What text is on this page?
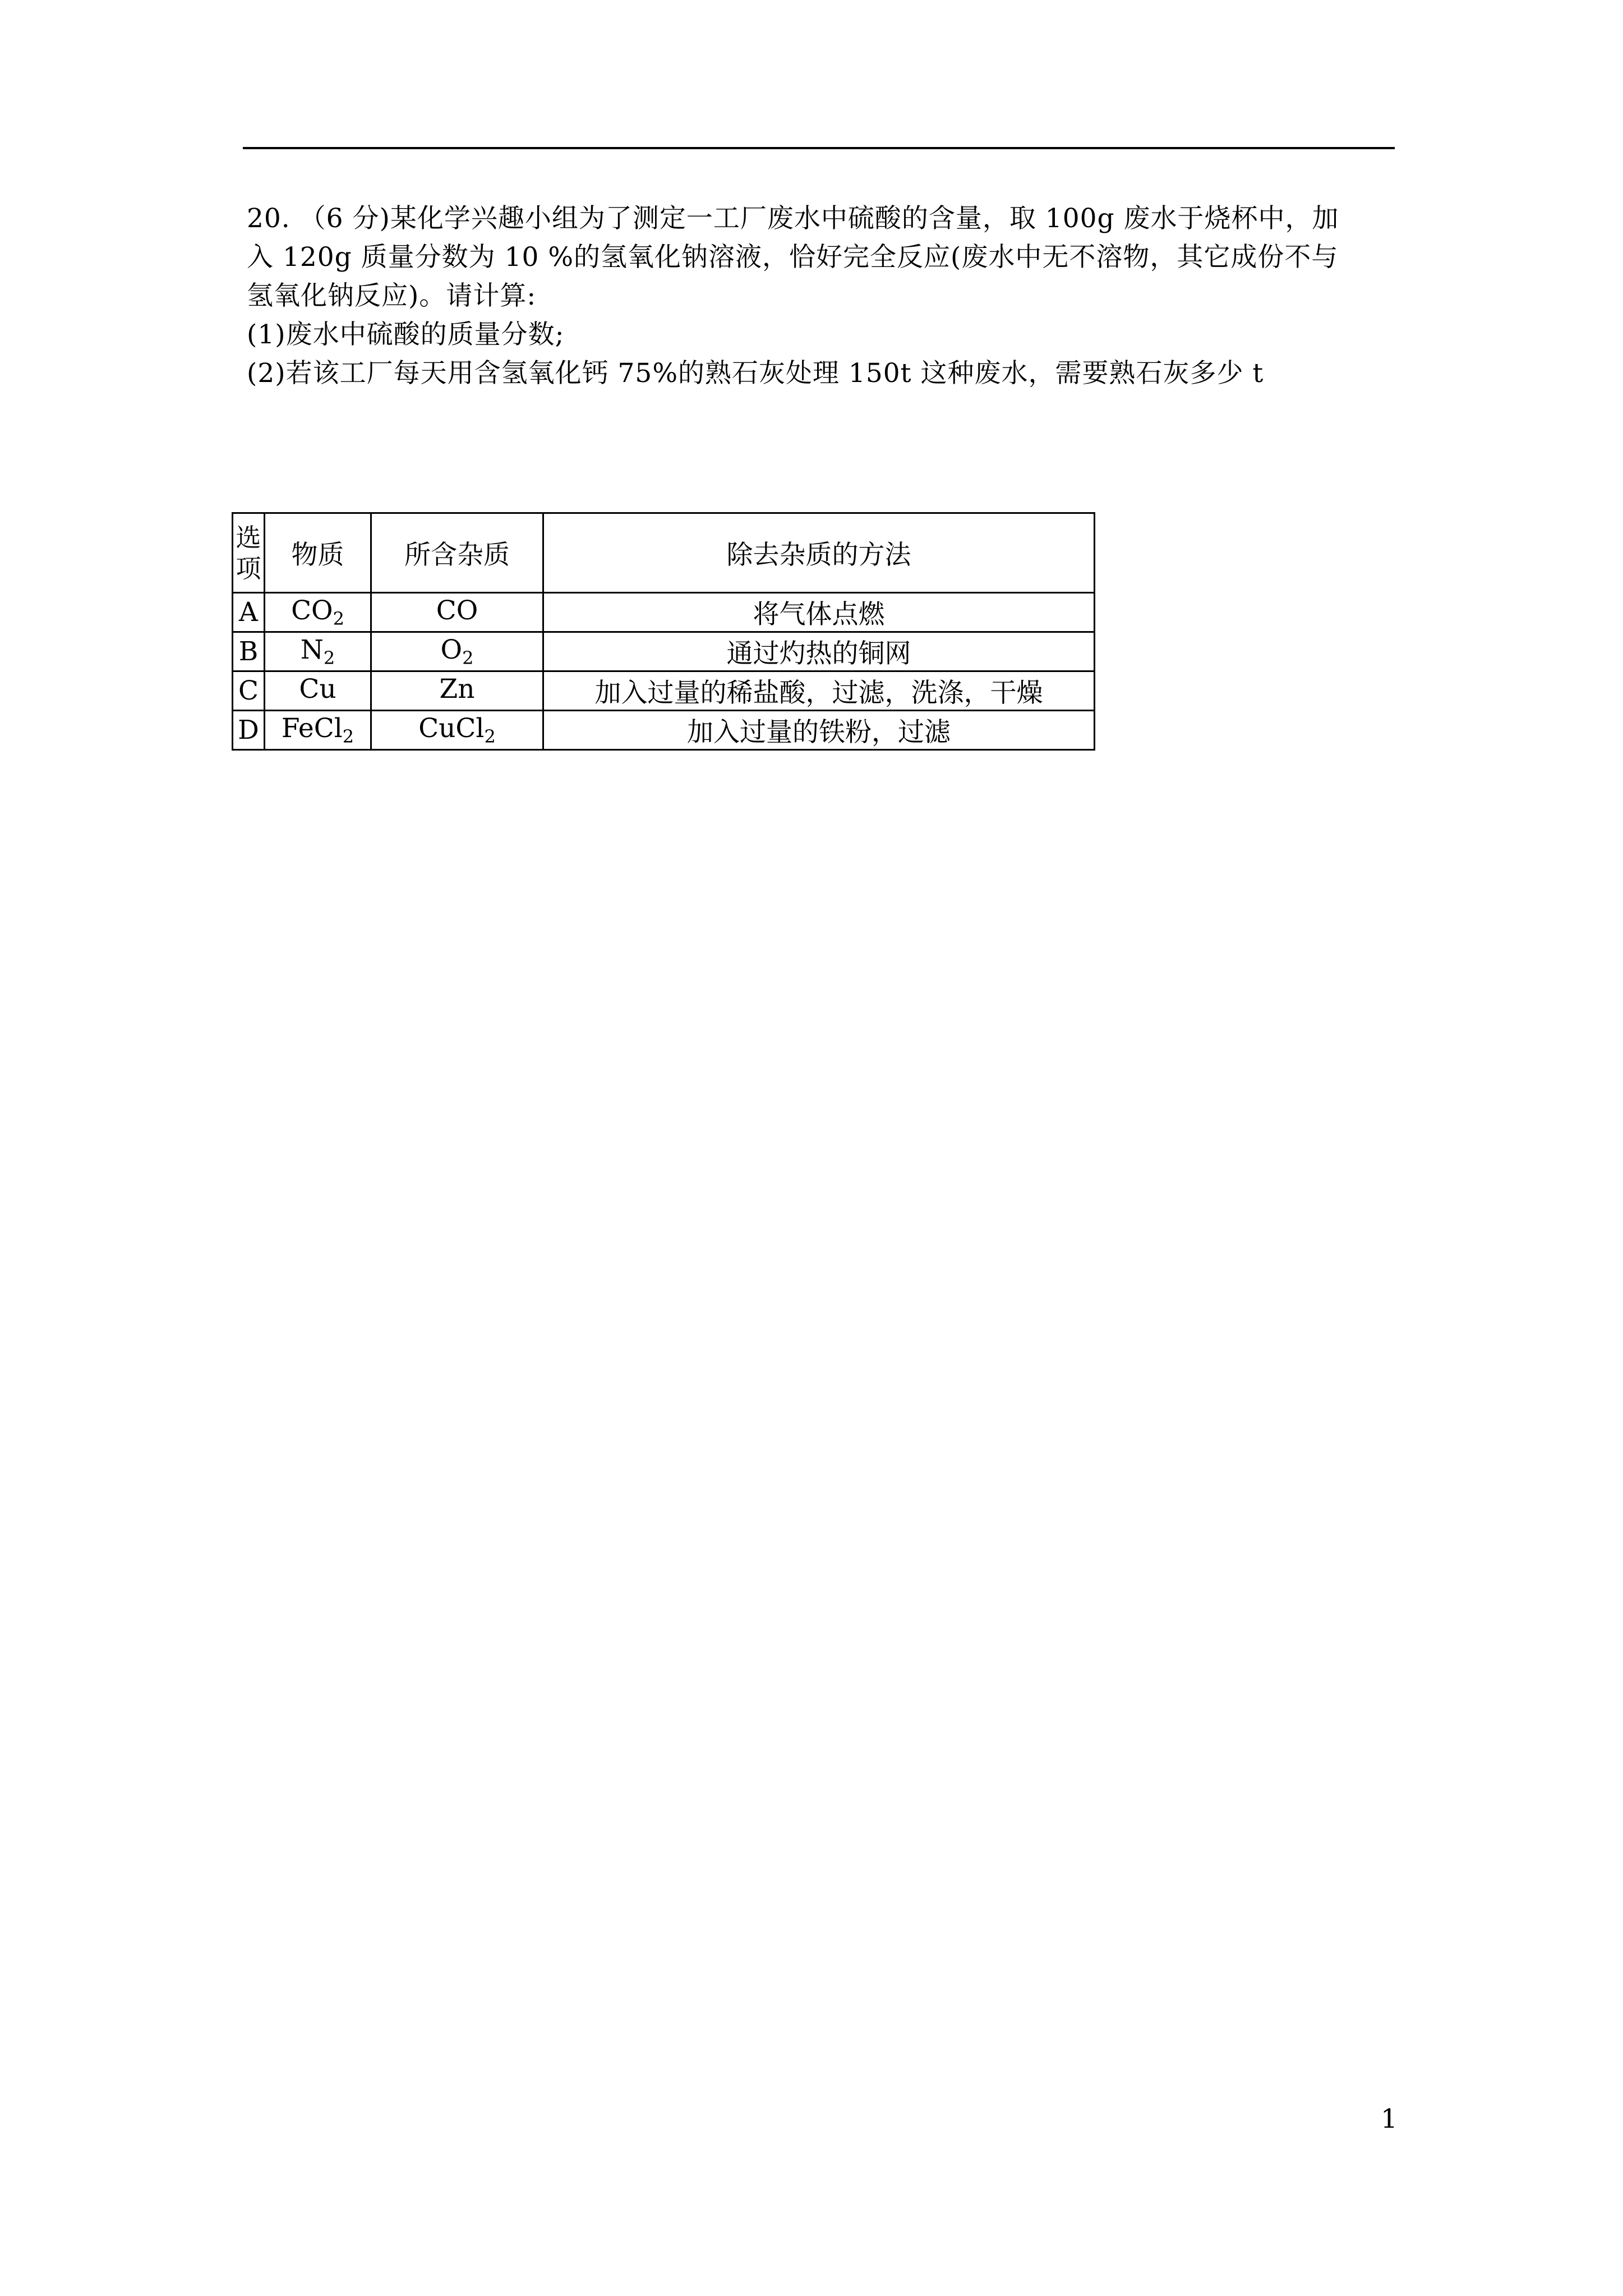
20. （6 分)某化学兴趣小组为了测定一工厂废水中硫酸的含量，取 100g 废水于烧杯中，加

入 120g 质量分数为 10 %的氢氧化钠溶液，恰好完全反应(废水中无不溶物，其它成份不与

氢氧化钠反应)。请计算:

(1)废水中硫酸的质量分数;

(2)若该工厂每天用含氢氧化钙 75%的熟石灰处理 150t 这种废水，需要熟石灰多少 t

选项	物质	所含杂质	除去杂质的方法
A	$CO_2$	CO	将气体点燃
B	$N_2$	$O_2$	通过灼热的铜网
C	Cu	Zn	加入过量的稀盐酸，过滤，洗涤，干燥
D	FeCl$_2$	CuCl$_2$	加入过量的铁粉，过滤
1
